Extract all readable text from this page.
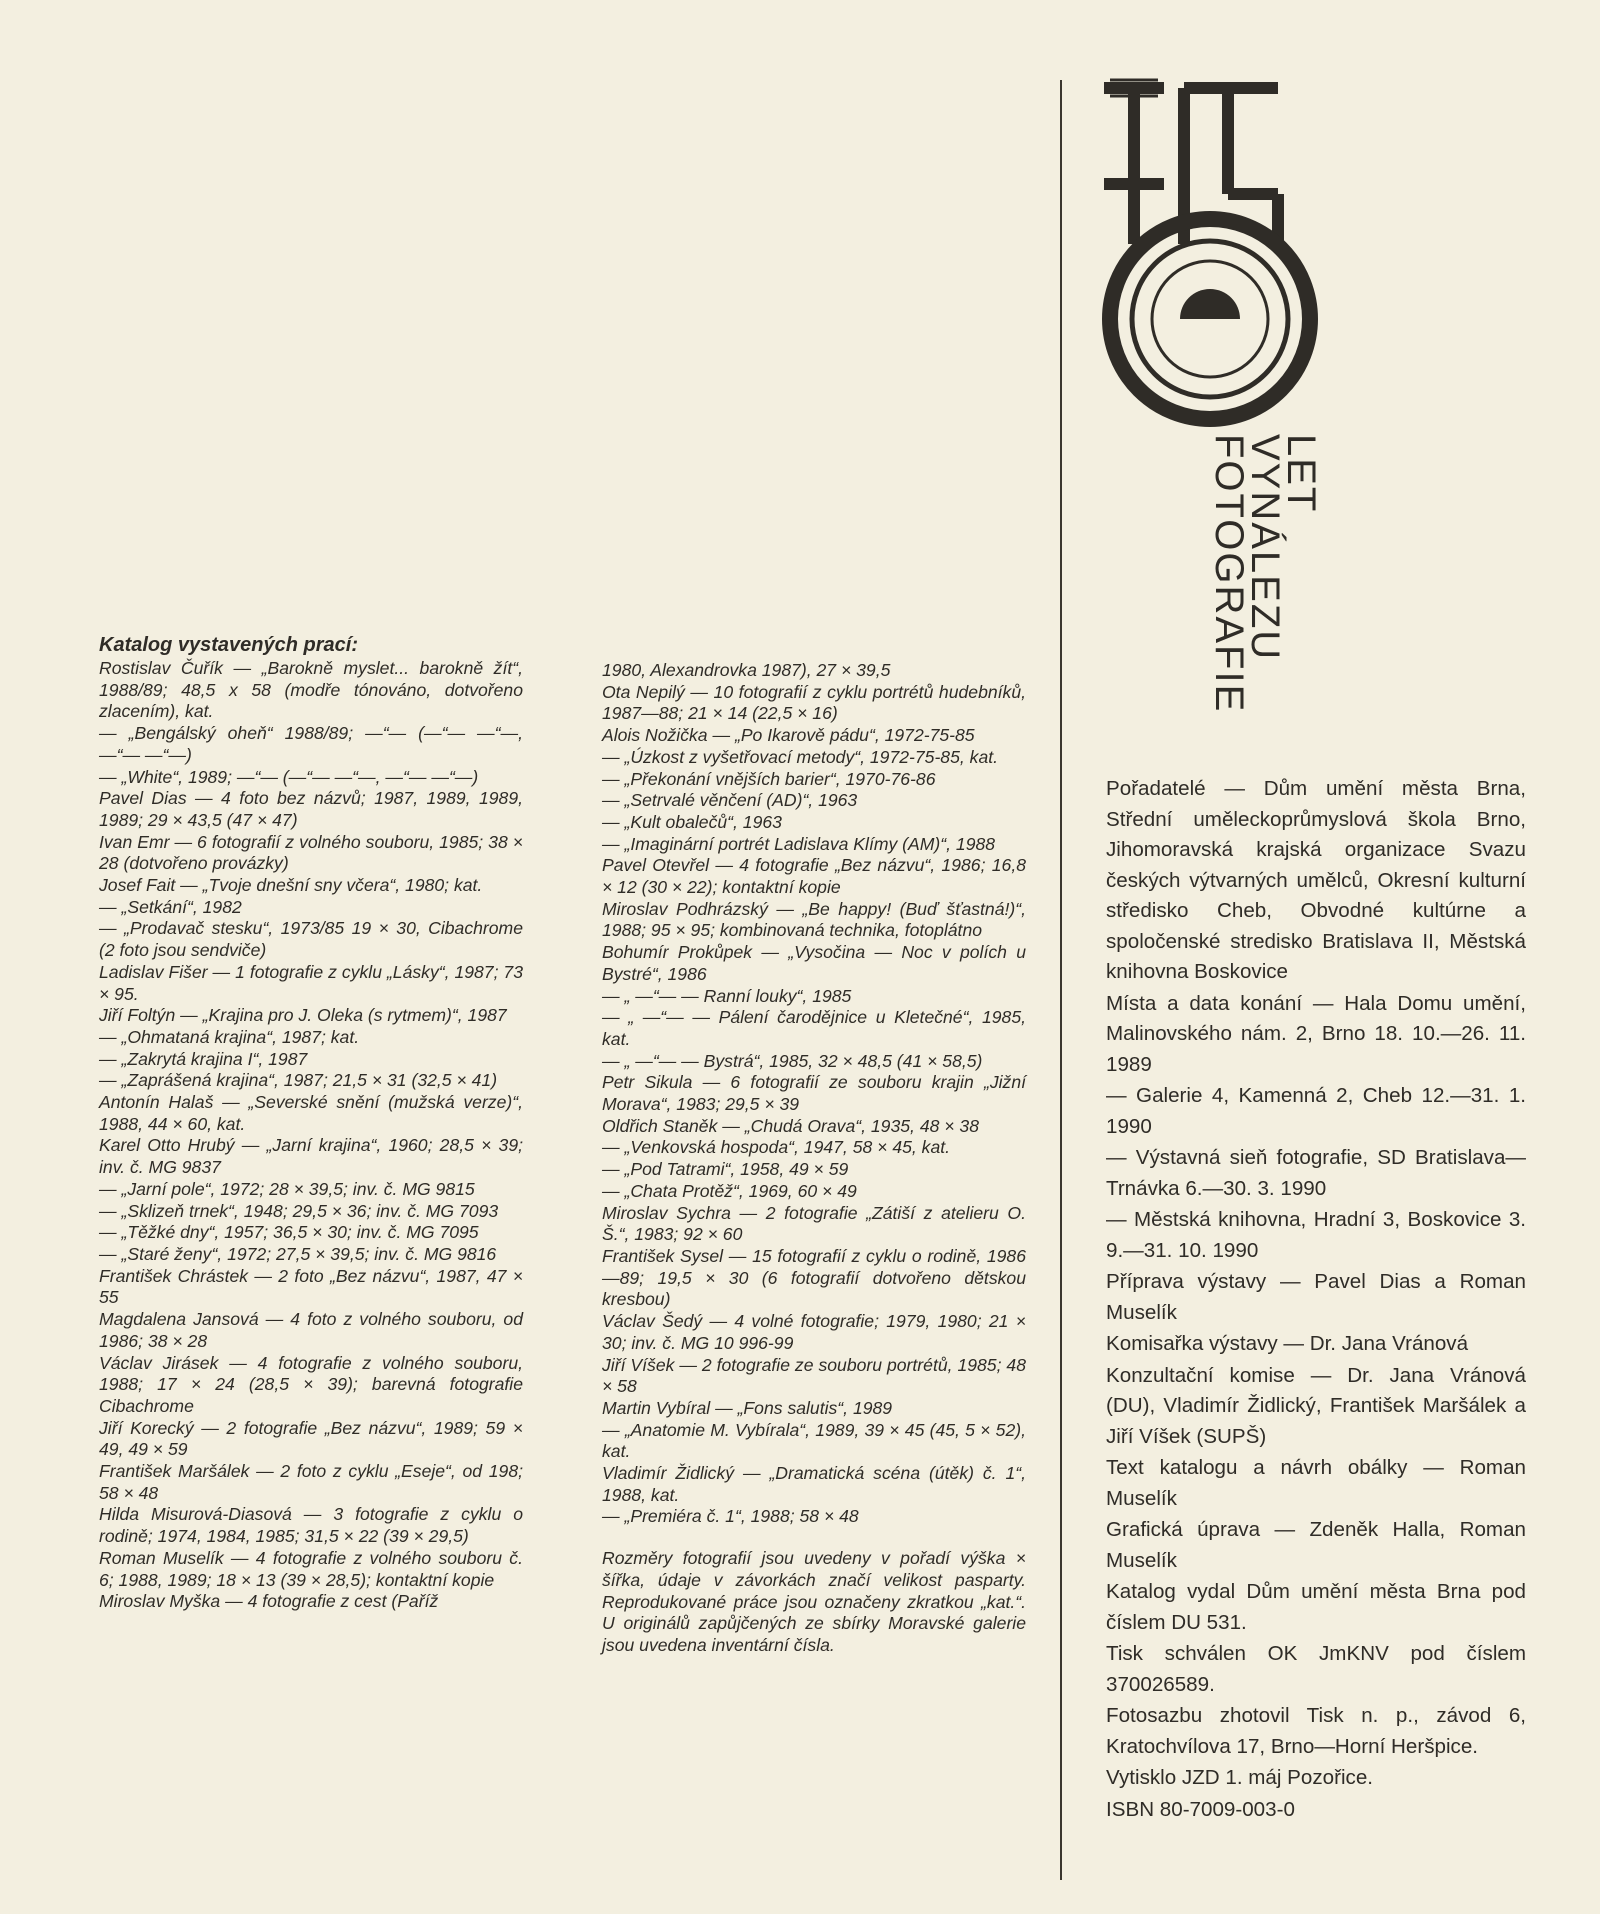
Katalog vystavených prací:

Rostislav Čuřík — „Barokně myslet... barokně žít“, 1988/89; 48,5 x 58 (modře tónováno, dotvořeno zlacením), kat.

— „Bengálský oheň“ 1988/89; —“— (—“— —“—, —“— —“—)

— „White“, 1989; —“— (—“— —“—, —“— —“—)

Pavel Dias — 4 foto bez názvů; 1987, 1989, 1989, 1989; 29 × 43,5 (47 × 47)

Ivan Emr — 6 fotografií z volného souboru, 1985; 38 × 28 (dotvořeno provázky)

Josef Fait — „Tvoje dnešní sny včera“, 1980; kat.

— „Setkání“, 1982

— „Prodavač stesku“, 1973/85 19 × 30, Cibachrome (2 foto jsou sendviče)

Ladislav Fišer — 1 fotografie z cyklu „Lásky“, 1987; 73 × 95.

Jiří Foltýn — „Krajina pro J. Oleka (s rytmem)“, 1987

— „Ohmataná krajina“, 1987; kat.

— „Zakrytá krajina I“, 1987

— „Zaprášená krajina“, 1987; 21,5 × 31 (32,5 × 41)

Antonín Halaš — „Severské snění (mužská verze)“, 1988, 44 × 60, kat.

Karel Otto Hrubý — „Jarní krajina“, 1960; 28,5 × 39; inv. č. MG 9837

— „Jarní pole“, 1972; 28 × 39,5; inv. č. MG 9815

— „Sklizeň trnek“, 1948; 29,5 × 36; inv. č. MG 7093

— „Těžké dny“, 1957; 36,5 × 30; inv. č. MG 7095

— „Staré ženy“, 1972; 27,5 × 39,5; inv. č. MG 9816

František Chrástek — 2 foto „Bez názvu“, 1987, 47 × 55

Magdalena Jansová — 4 foto z volného souboru, od 1986; 38 × 28

Václav Jirásek — 4 fotografie z volného souboru, 1988; 17 × 24 (28,5 × 39); barevná fotografie Cibachrome

Jiří Korecký — 2 fotografie „Bez názvu“, 1989; 59 × 49, 49 × 59

František Maršálek — 2 foto z cyklu „Eseje“, od 198; 58 × 48

Hilda Misurová-Diasová — 3 fotografie z cyklu o rodině; 1974, 1984, 1985; 31,5 × 22 (39 × 29,5)

Roman Muselík — 4 fotografie z volného souboru č. 6; 1988, 1989; 18 × 13 (39 × 28,5); kontaktní kopie

Miroslav Myška — 4 fotografie z cest (Paříž

1980, Alexandrovka 1987), 27 × 39,5

Ota Nepilý — 10 fotografií z cyklu portrétů hudebníků, 1987—88; 21 × 14 (22,5 × 16)

Alois Nožička — „Po Ikarově pádu“, 1972-75-85

— „Úzkost z vyšetřovací metody“, 1972-75-85, kat.

— „Překonání vnějších barier“, 1970-76-86

— „Setrvalé věnčení (AD)“, 1963

— „Kult obalečů“, 1963

— „Imaginární portrét Ladislava Klímy (AM)“, 1988

Pavel Otevřel — 4 fotografie „Bez názvu“, 1986; 16,8 × 12 (30 × 22); kontaktní kopie

Miroslav Podhrázský — „Be happy! (Buď šťastná!)“, 1988; 95 × 95; kombinovaná technika, fotoplátno

Bohumír Prokůpek — „Vysočina — Noc v polích u Bystré“, 1986

— „ —“— — Ranní louky“, 1985

— „ —“— — Pálení čarodějnice u Kletečné“, 1985, kat.

— „ —“— — Bystrá“, 1985, 32 × 48,5 (41 × 58,5)

Petr Sikula — 6 fotografií ze souboru krajin „Jižní Morava“, 1983; 29,5 × 39

Oldřich Staněk — „Chudá Orava“, 1935, 48 × 38

— „Venkovská hospoda“, 1947, 58 × 45, kat.

— „Pod Tatrami“, 1958, 49 × 59

— „Chata Protěž“, 1969, 60 × 49

Miroslav Sychra — 2 fotografie „Zátiší z atelieru O. Š.“, 1983; 92 × 60

František Sysel — 15 fotografií z cyklu o rodině, 1986—89; 19,5 × 30 (6 fotografií dotvořeno dětskou kresbou)

Václav Šedý — 4 volné fotografie; 1979, 1980; 21 × 30; inv. č. MG 10 996-99

Jiří Víšek — 2 fotografie ze souboru portrétů, 1985; 48 × 58

Martin Vybíral — „Fons salutis“, 1989

— „Anatomie M. Vybírala“, 1989, 39 × 45 (45, 5 × 52), kat.

Vladimír Židlický — „Dramatická scéna (útěk) č. 1“, 1988, kat.

— „Premiéra č. 1“, 1988; 58 × 48

Rozměry fotografií jsou uvedeny v pořadí výška × šířka, údaje v závorkách značí velikost pasparty. Reprodukované práce jsou označeny zkratkou „kat.“. U originálů zapůjčených ze sbírky Moravské galerie jsou uvedena inventární čísla.

LET
VYNÁLEZU
FOTOGRAFIE

Pořadatelé — Dům umění města Brna, Střední uměleckoprůmyslová škola Brno, Jihomoravská krajská organizace Svazu českých výtvarných umělců, Okresní kulturní středisko Cheb, Obvodné kultúrne a spoločenské stredisko Bratislava II, Městská knihovna Boskovice

Místa a data konání — Hala Domu umění, Malinovského nám. 2, Brno 18. 10.—26. 11. 1989

— Galerie 4, Kamenná 2, Cheb 12.—31. 1. 1990

— Výstavná sieň fotografie, SD Bratislava—Trnávka 6.—30. 3. 1990

— Městská knihovna, Hradní 3, Boskovice 3. 9.—31. 10. 1990

Příprava výstavy — Pavel Dias a Roman Muselík

Komisařka výstavy — Dr. Jana Vránová

Konzultační komise — Dr. Jana Vránová (DU), Vladimír Židlický, František Maršálek a Jiří Víšek (SUPŠ)

Text katalogu a návrh obálky — Roman Muselík

Grafická úprava — Zdeněk Halla, Roman Muselík

Katalog vydal Dům umění města Brna pod číslem DU 531.

Tisk schválen OK JmKNV pod číslem 370026589.

Fotosazbu zhotovil Tisk n. p., závod 6, Kratochvílova 17, Brno—Horní Heršpice.

Vytisklo JZD 1. máj Pozořice.

ISBN 80-7009-003-0
